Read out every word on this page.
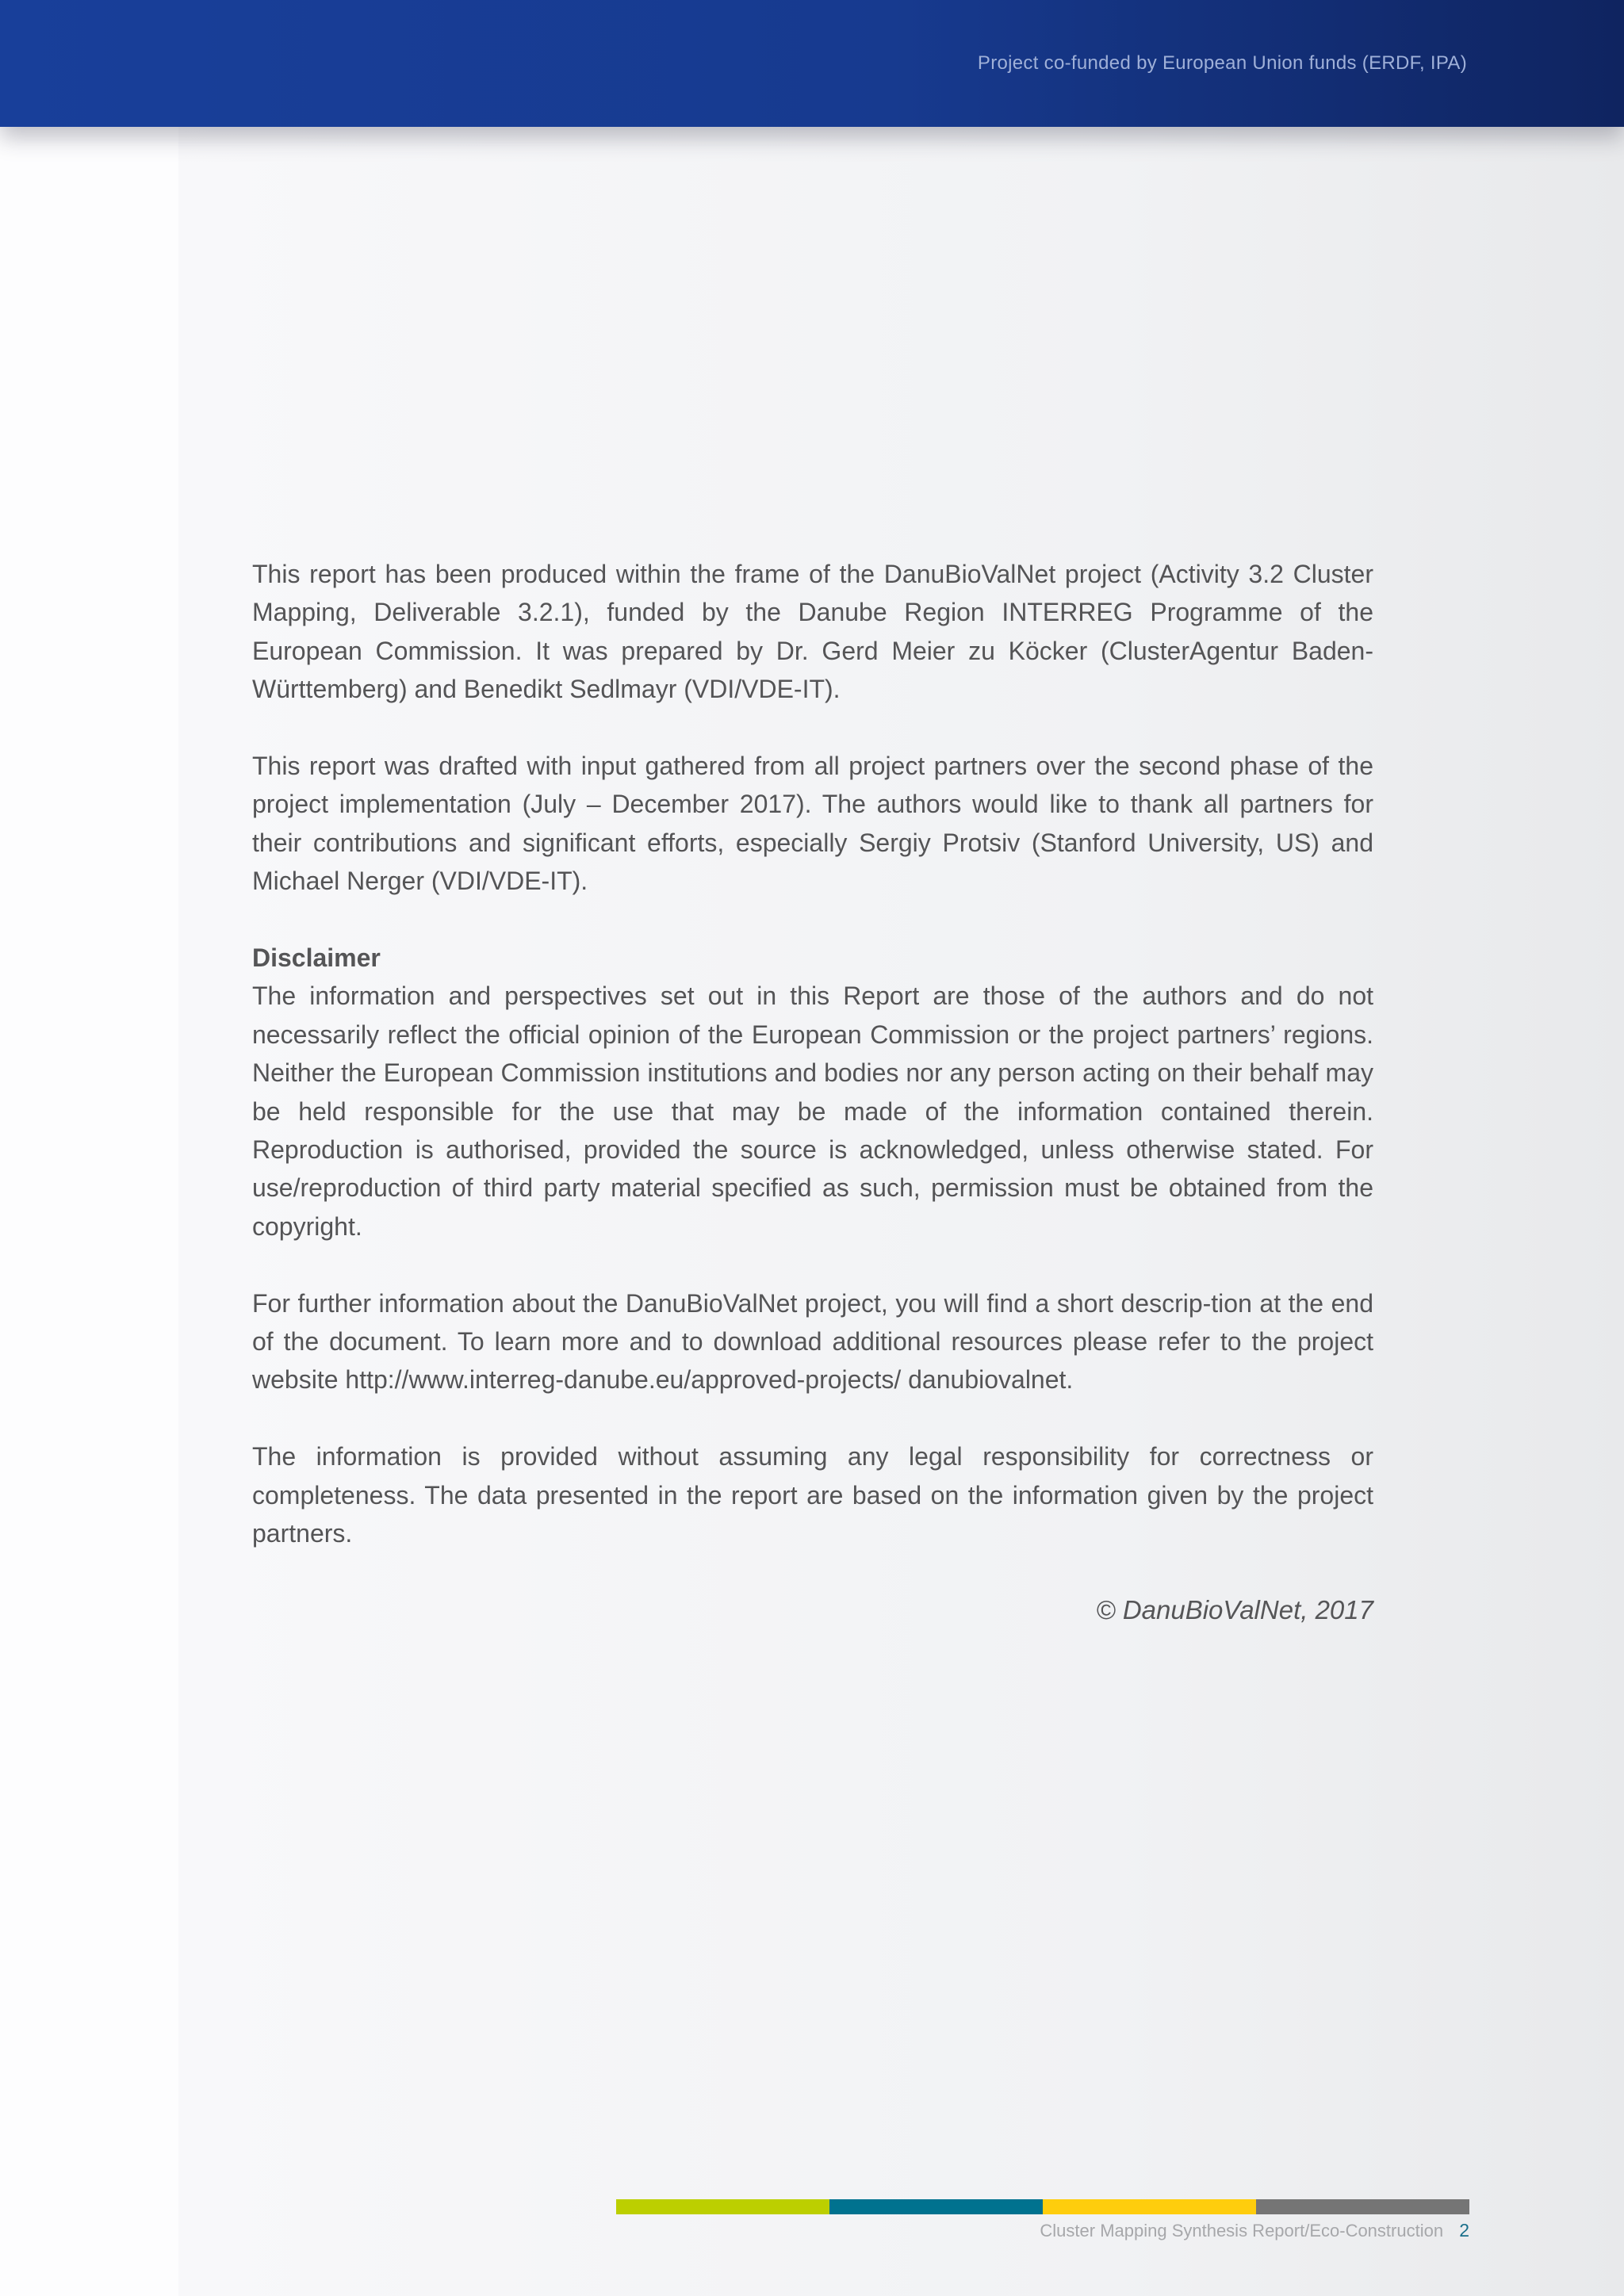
Project co-funded by European Union funds (ERDF, IPA)

This report has been produced within the frame of the DanuBioValNet project (Activity 3.2 Cluster Mapping, Deliverable 3.2.1), funded by the Danube Region INTERREG Programme of the European Commission. It was prepared by Dr. Gerd Meier zu Köcker (ClusterAgentur Baden-Württemberg) and Benedikt Sedlmayr (VDI/VDE-IT).

This report was drafted with input gathered from all project partners over the second phase of the project implementation (July – December 2017). The authors would like to thank all partners for their contributions and significant efforts, especially Sergiy Protsiv (Stanford University, US) and Michael Nerger (VDI/VDE-IT).

Disclaimer

The information and perspectives set out in this Report are those of the authors and do not necessarily reflect the official opinion of the European Commission or the project partners’ regions. Neither the European Commission institutions and bodies nor any person acting on their behalf may be held responsible for the use that may be made of the information contained therein. Reproduction is authorised, provided the source is acknowledged, unless otherwise stated. For use/reproduction of third party material specified as such, permission must be obtained from the copyright.

For further information about the DanuBioValNet project, you will find a short descrip-tion at the end of the document. To learn more and to download additional resources please refer to the project website http://www.interreg-danube.eu/approved-projects/ danubiovalnet.

The information is provided without assuming any legal responsibility for correctness or completeness. The data presented in the report are based on the information given by the project partners.

© DanuBioValNet, 2017
Cluster Mapping Synthesis Report/Eco-Construction 2
